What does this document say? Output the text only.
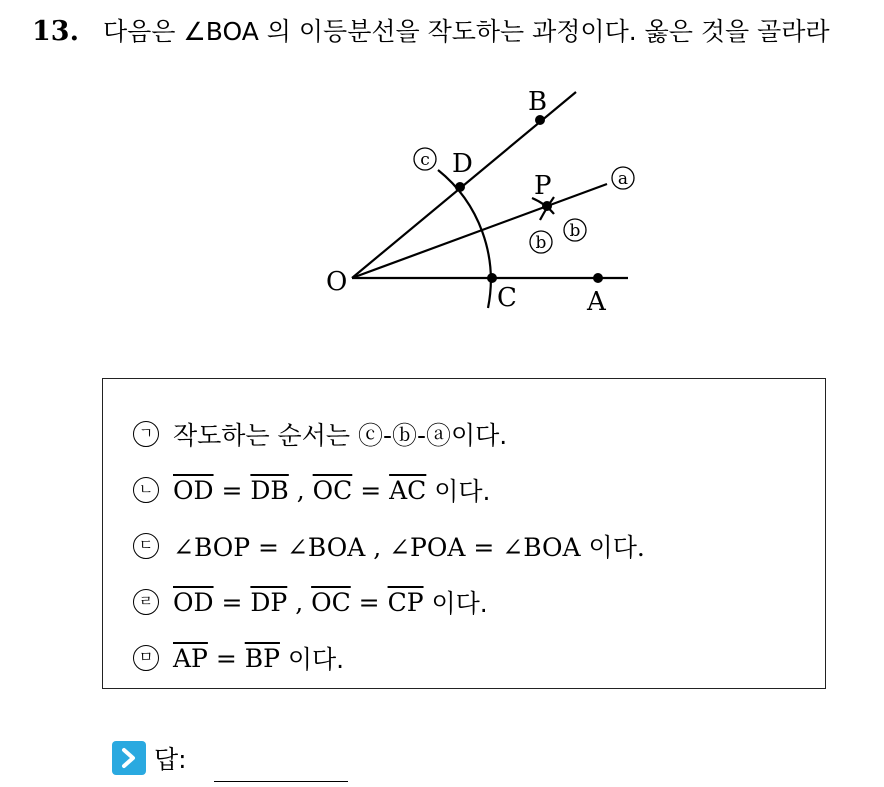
13. 다음은 ∠BOA 의 이등분선을 작도하는 과정이다. 옳은 것을 골라라
B
D
P
O
C	A
a
b
b
c
ㄱ 작도하는 순서는 ⓒ-ⓑ-ⓐ이다.
ㄴ $\overline{OD} = \overline{DB}$ , $\overline{OC} = \overline{AC}$ 이다.
ㄷ ∠BOP = ∠BOA , ∠POA = ∠BOA 이다.
ㄹ $\overline{OD} = \overline{DP}$ , $\overline{OC} = \overline{CP}$ 이다.
ㅁ $\overline{AP} = \overline{BP}$ 이다.
답:
